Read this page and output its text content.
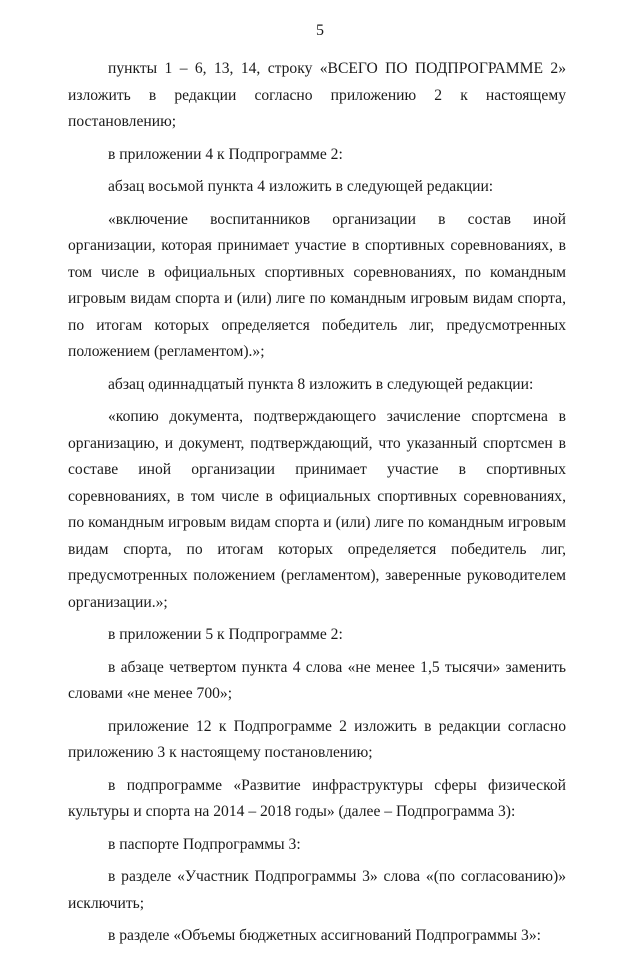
5

пункты 1 – 6, 13, 14, строку «ВСЕГО ПО ПОДПРОГРАММЕ 2» изложить в редакции согласно приложению 2 к настоящему постановлению;

в приложении 4 к Подпрограмме 2:

абзац восьмой пункта 4 изложить в следующей редакции:

«включение воспитанников организации в состав иной организации, которая принимает участие в спортивных соревнованиях, в том числе в официальных спортивных соревнованиях, по командным игровым видам спорта и (или) лиге по командным игровым видам спорта, по итогам которых определяется победитель лиг, предусмотренных положением (регламентом).»;

абзац одиннадцатый пункта 8 изложить в следующей редакции:

«копию документа, подтверждающего зачисление спортсмена в организацию, и документ, подтверждающий, что указанный спортсмен в составе иной организации принимает участие в спортивных соревнованиях, в том числе в официальных спортивных соревнованиях, по командным игровым видам спорта и (или) лиге по командным игровым видам спорта, по итогам которых определяется победитель лиг, предусмотренных положением (регламентом), заверенные руководителем организации.»;

в приложении 5 к Подпрограмме 2:

в абзаце четвертом пункта 4 слова «не менее 1,5 тысячи» заменить словами «не менее 700»;

приложение 12 к Подпрограмме 2 изложить в редакции согласно приложению 3 к настоящему постановлению;

в подпрограмме «Развитие инфраструктуры сферы физической культуры и спорта на 2014 – 2018 годы» (далее – Подпрограмма 3):

в паспорте Подпрограммы 3:

в разделе «Участник Подпрограммы 3» слова «(по согласованию)» исключить;

в разделе «Объемы бюджетных ассигнований Подпрограммы 3»:
